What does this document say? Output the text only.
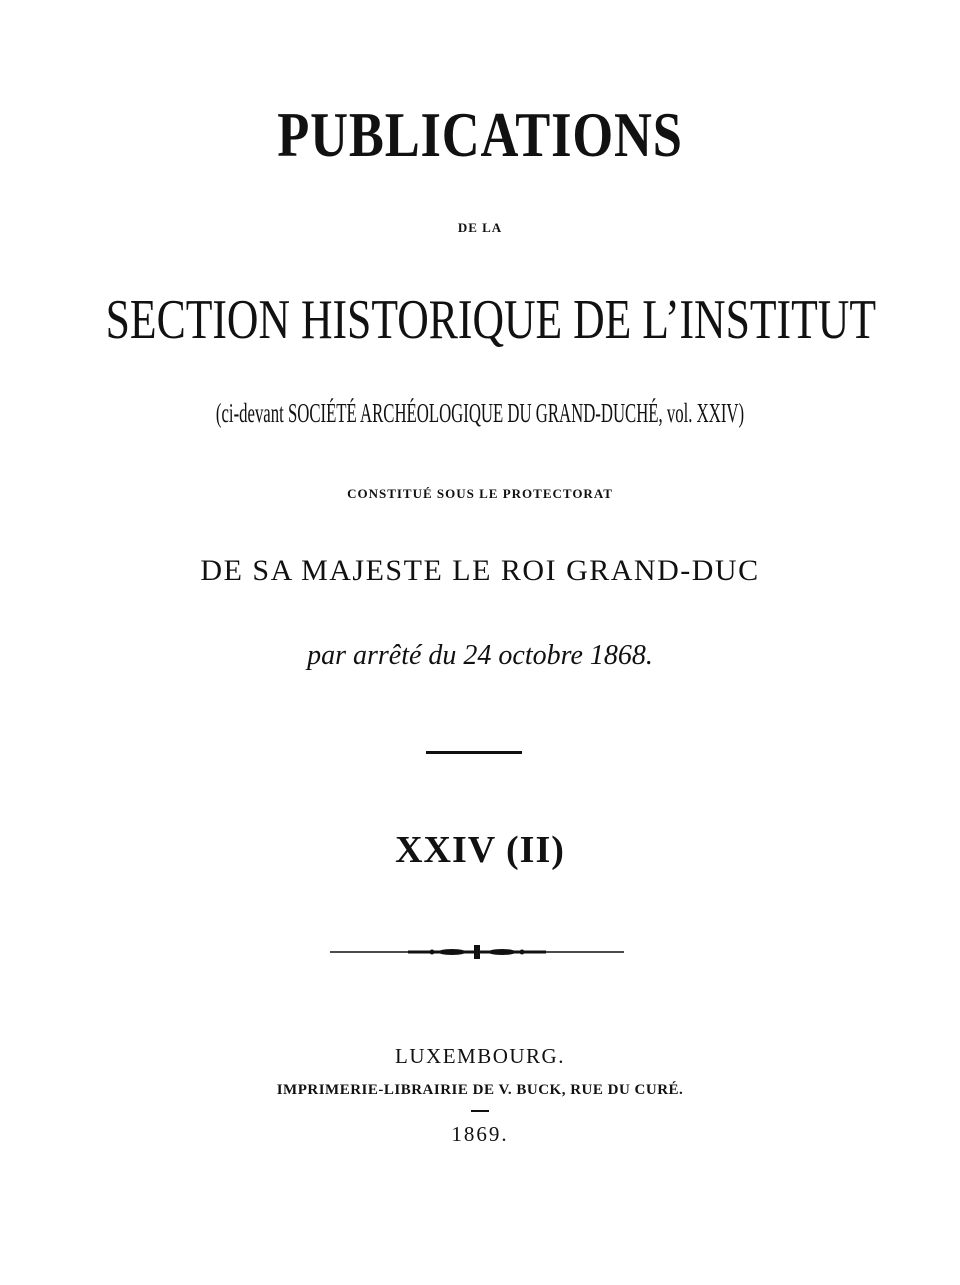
PUBLICATIONS
DE LA
SECTION HISTORIQUE DE L’INSTITUT
(ci-devant SOCIÉTÉ ARCHÉOLOGIQUE DU GRAND-DUCHÉ, vol. XXIV)
CONSTITUÉ SOUS LE PROTECTORAT
DE SA MAJESTE LE ROI GRAND-DUC
par arrêté du 24 octobre 1868.
XXIV (II)
LUXEMBOURG.
IMPRIMERIE-LIBRAIRIE DE V. BUCK, RUE DU CURÉ.
1869.
